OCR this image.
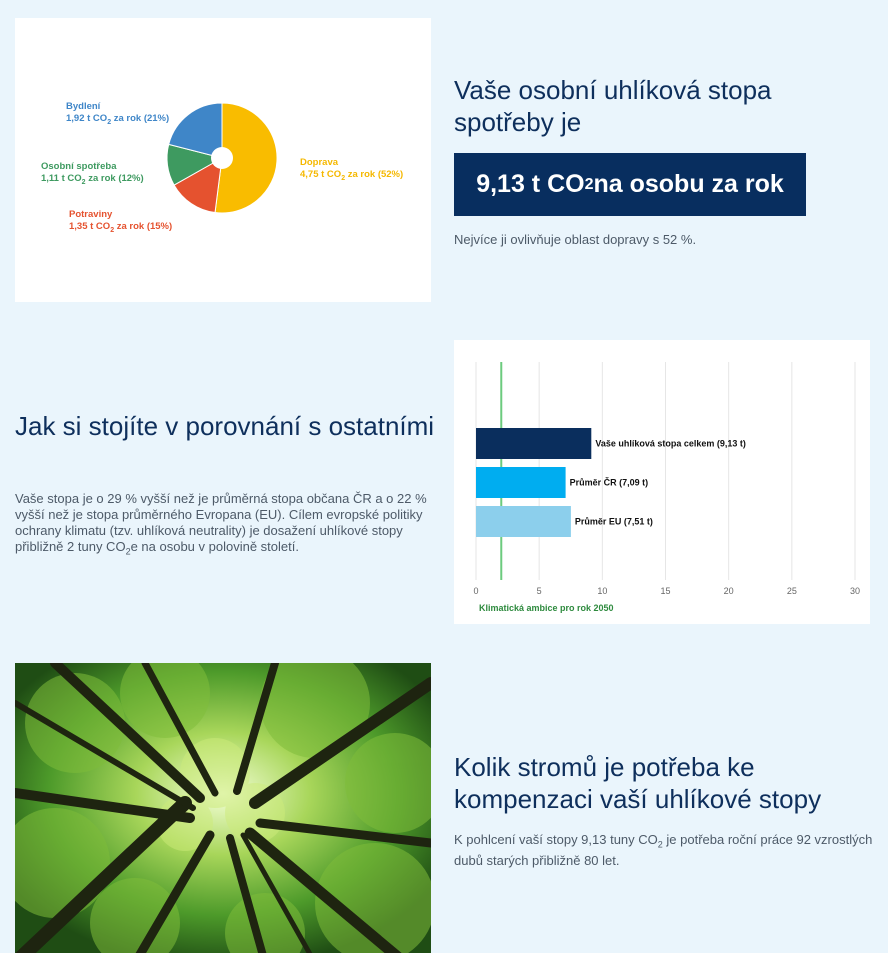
Bydlení
1,92 t $CO_2$ za rok (21%)
Osobní spotřeba
1,11 t $CO_2$ za rok (12%)
Potraviny
1,35 t $CO_2$ za rok (15%)
Doprava
4,75 t $CO_2$ za rok (52%)
Vaše osobní uhlíková stopa spotřeby je
9,13 t CO 2 na osobu za rok

Nejvíce ji ovlivňuje oblast dopravy s 52 %.

Jak si stojíte v porovnání s ostatními

Vaše stopa je o 29 % vyšší než je průměrná stopa občana ČR a o 22 % vyšší než je stopa průměrného Evropana (EU). Cílem evropské politiky ochrany klimatu (tzv. uhlíková neutrality) je dosažení uhlíkové stopy přibližně 2 tuny $CO_2e$ na osobu v polovině století.

0	5	10	15	20	25	30
Vaše uhlíková stopa celkem (9,13 t)
Průměr ČR (7,09 t)
Průměr EU (7,51 t)
Klimatická ambice pro rok 2050
Kolik stromů je potřeba ke kompenzaci vaší uhlíkové stopy

K pohlcení vaší stopy 9,13 tuny $CO_2$ je potřeba roční práce 92 vzrostlých dubů starých přibližně 80 let.
